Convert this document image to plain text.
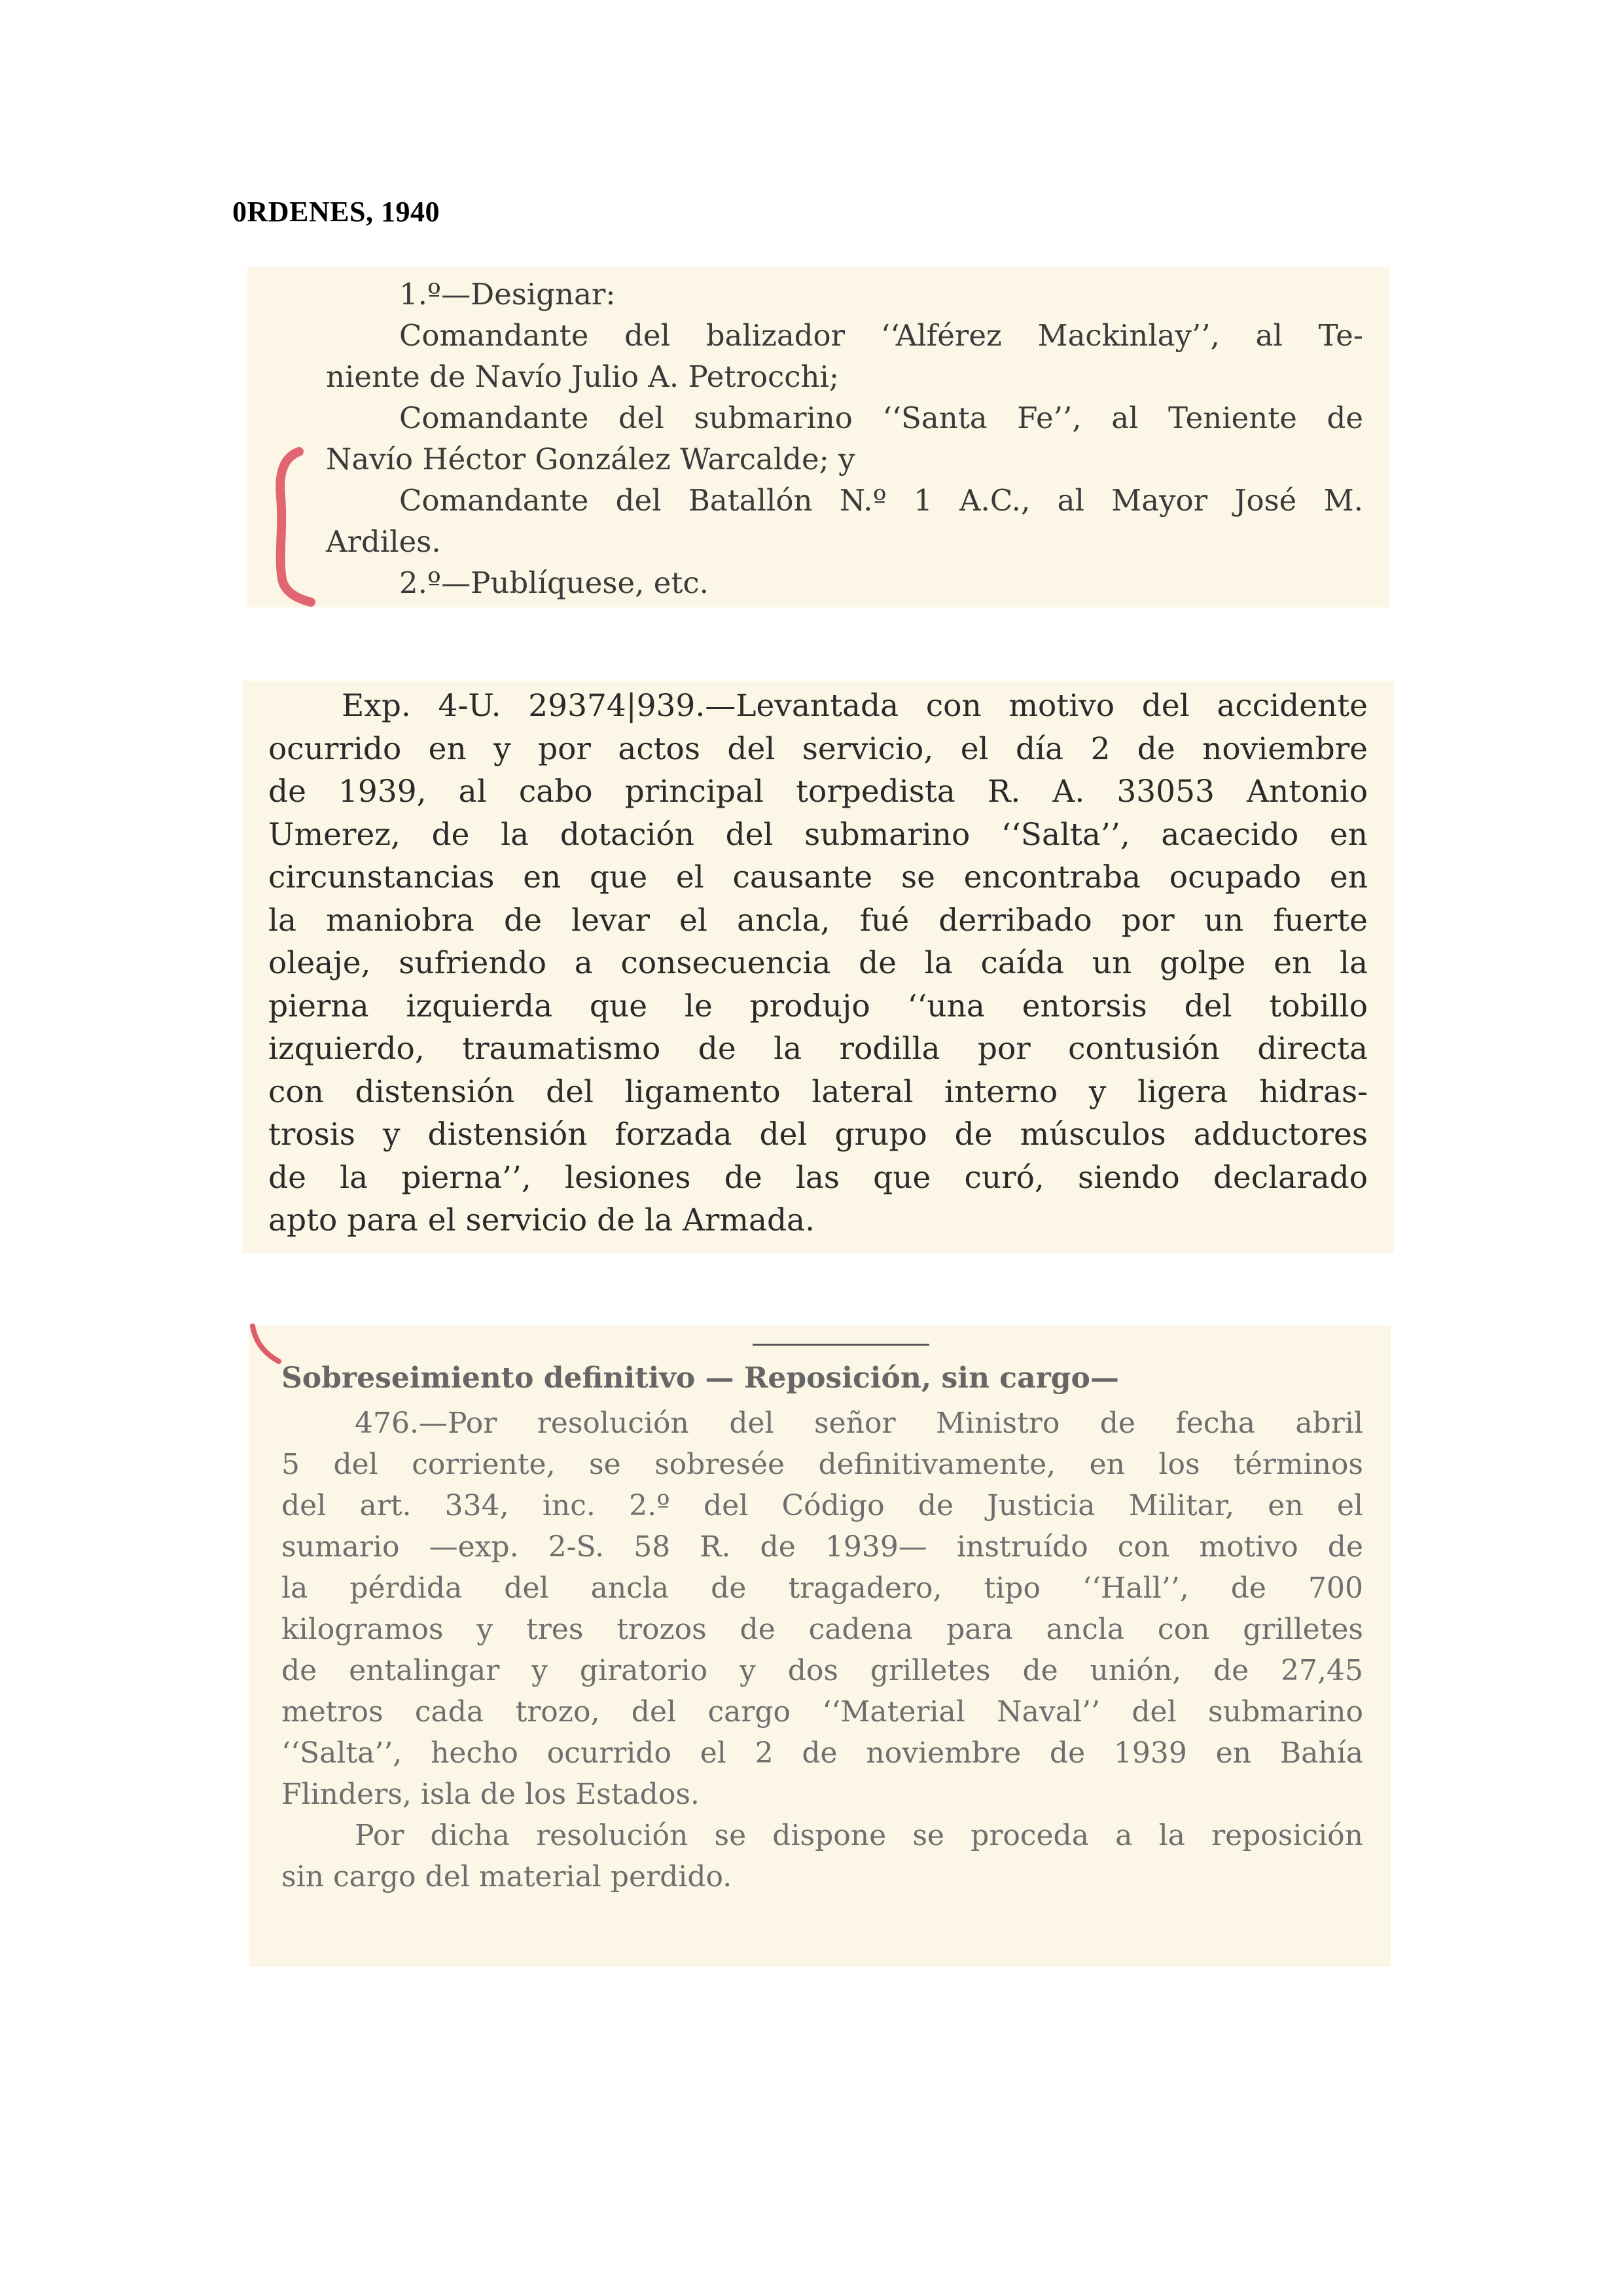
0RDENES, 1940
1.º—Designar:
Comandante del balizador ‘‘Alférez Mackinlay’’, al Te-
niente de Navío Julio A. Petrocchi;
Comandante del submarino ‘‘Santa Fe’’, al Teniente de
Navío Héctor González Warcalde; y
Comandante del Batallón N.º 1 A.C., al Mayor José M.
Ardiles.
2.º—Publíquese, etc.
Exp. 4-U. 29374|939.—Levantada con motivo del accidente
ocurrido en y por actos del servicio, el día 2 de noviembre
de 1939, al cabo principal torpedista R. A. 33053 Antonio
Umerez, de la dotación del submarino ‘‘Salta’’, acaecido en
circunstancias en que el causante se encontraba ocupado en
la maniobra de levar el ancla, fué derribado por un fuerte
oleaje, sufriendo a consecuencia de la caída un golpe en la
pierna izquierda que le produjo ‘‘una entorsis del tobillo
izquierdo, traumatismo de la rodilla por contusión directa
con distensión del ligamento lateral interno y ligera hidras-
trosis y distensión forzada del grupo de músculos adductores
de la pierna’’, lesiones de las que curó, siendo declarado
apto para el servicio de la Armada.
Sobreseimiento definitivo — Reposición, sin cargo—
476.—Por resolución del señor Ministro de fecha abril
5 del corriente, se sobresée definitivamente, en los términos
del art. 334, inc. 2.º del Código de Justicia Militar, en el
sumario —exp. 2-S. 58 R. de 1939— instruído con motivo de
la pérdida del ancla de tragadero, tipo ‘‘Hall’’, de 700
kilogramos y tres trozos de cadena para ancla con grilletes
de entalingar y giratorio y dos grilletes de unión, de 27,45
metros cada trozo, del cargo ‘‘Material Naval’’ del submarino
‘‘Salta’’, hecho ocurrido el 2 de noviembre de 1939 en Bahía
Flinders, isla de los Estados.
Por dicha resolución se dispone se proceda a la reposición
sin cargo del material perdido.
